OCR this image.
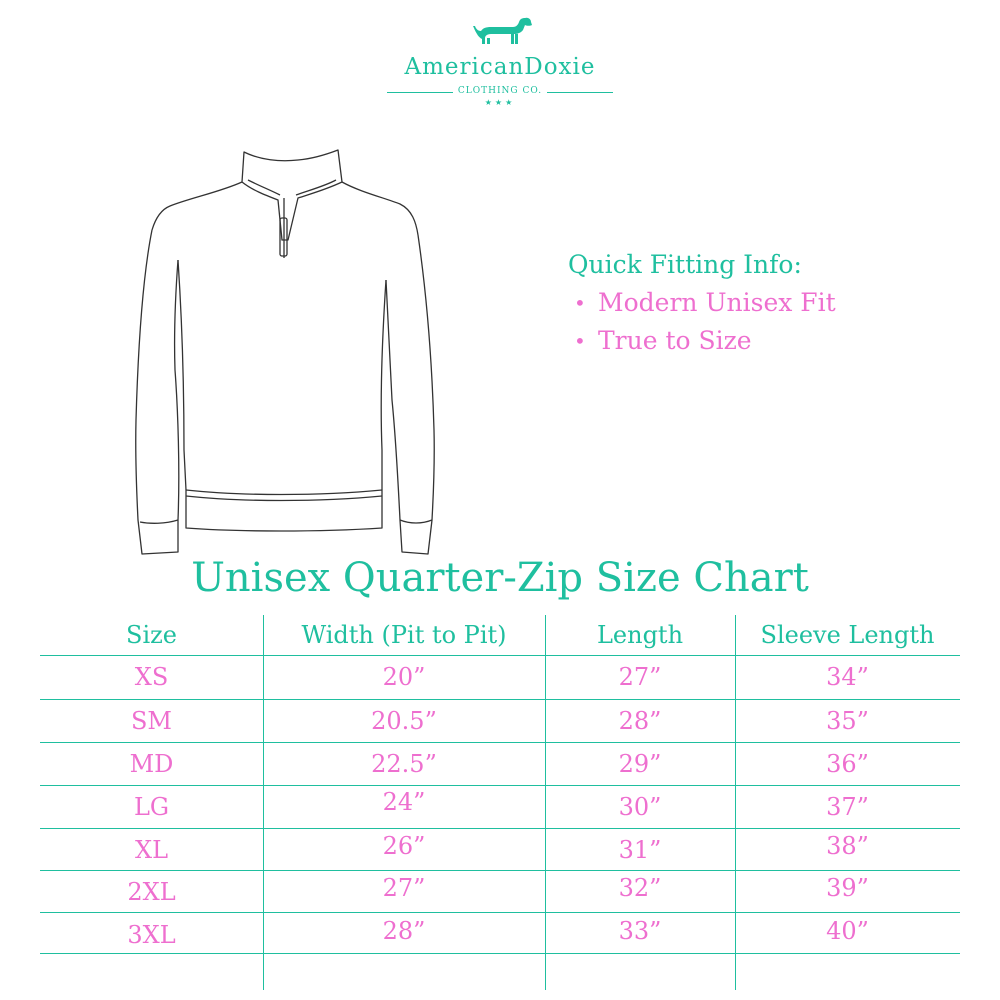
AmericanDoxie
CLOTHING CO.
★★★
Quick Fitting Info:
• Modern Unisex Fit
• True to Size
Unisex Quarter-Zip Size Chart
Size	Width (Pit to Pit)	Length	Sleeve Length
XS	20”	27”	34”
SM	20.5”	28”	35”
MD	22.5”	29”	36”
LG	24”	30”	37”
XL	26”	31”	38”
2XL	27”	32”	39”
3XL	28”	33”	40”
